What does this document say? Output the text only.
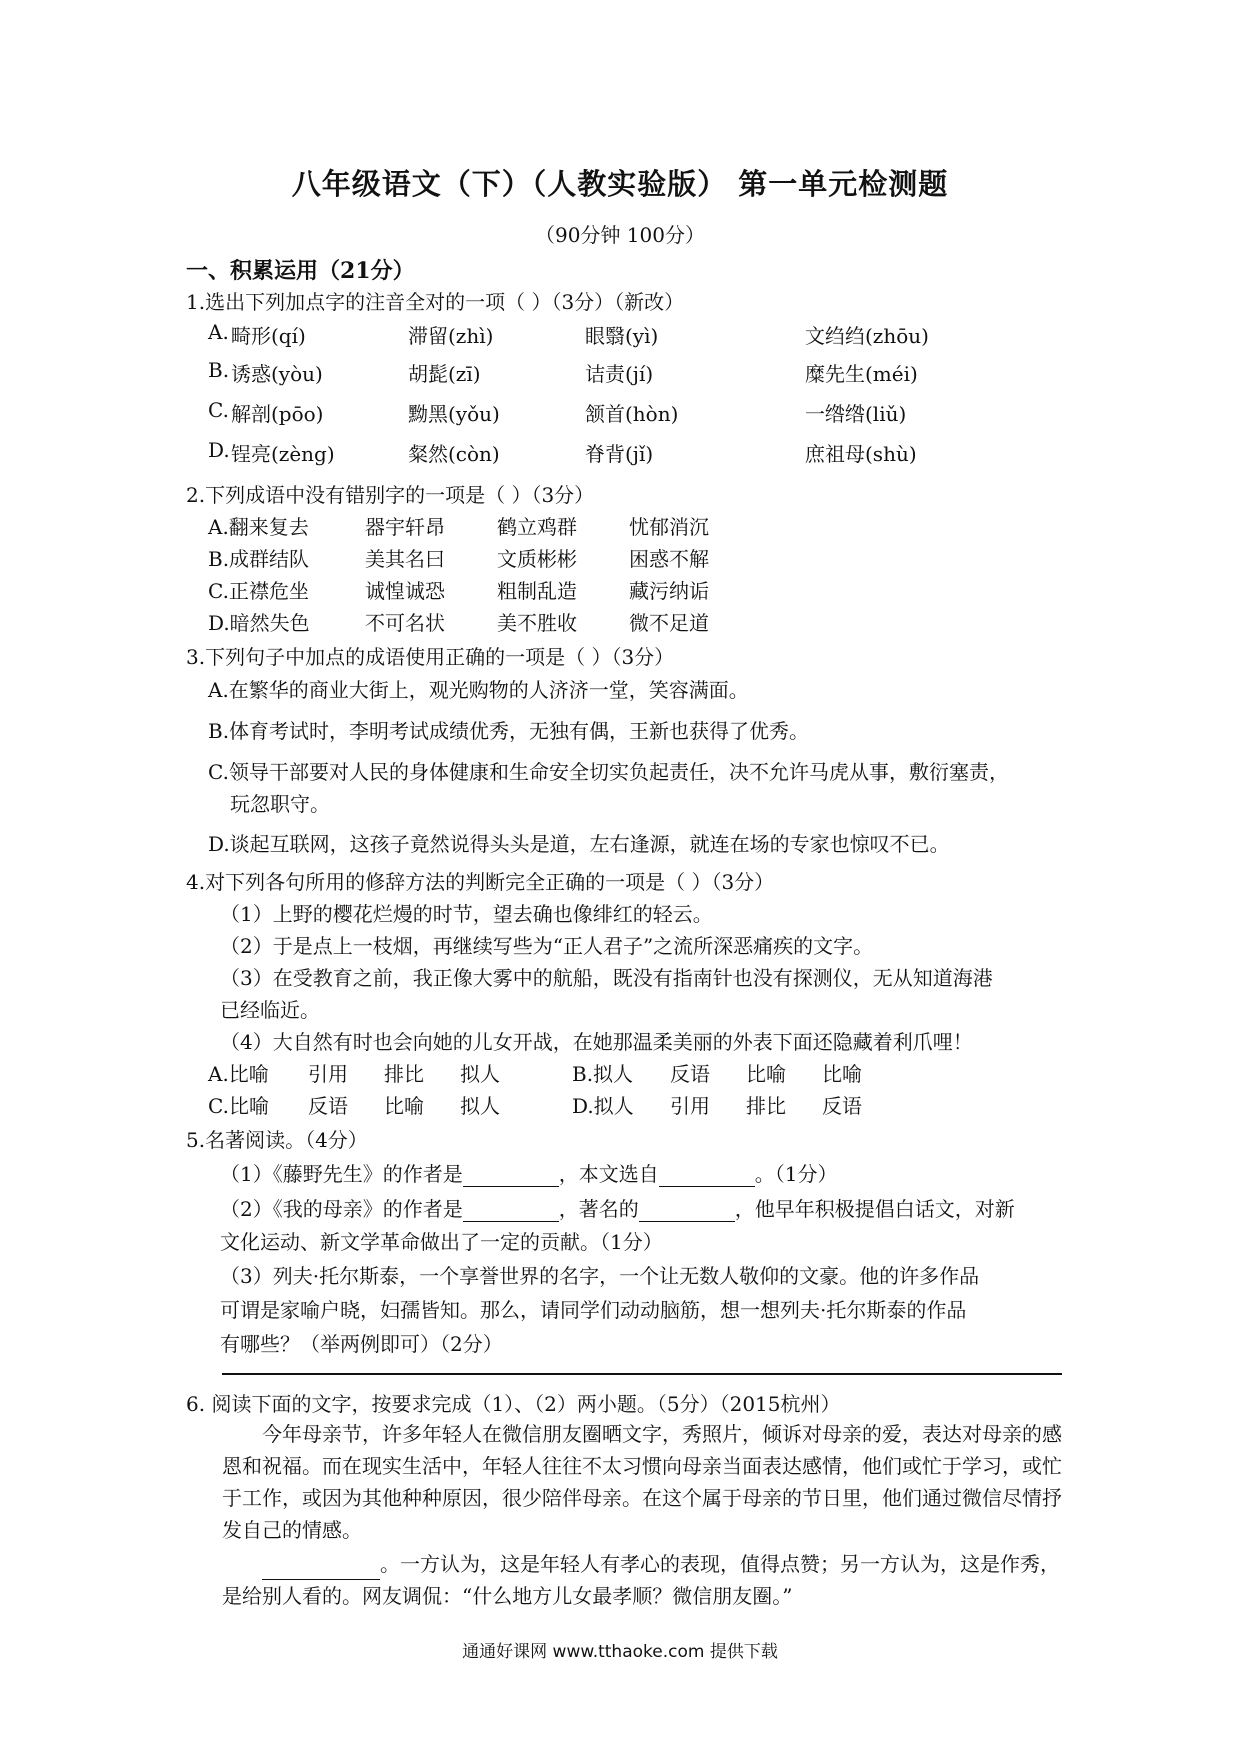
八年级语文（下）（人教实验版） 第一单元检测题
（90分钟 100分）
一、积累运用（21分）
1.选出下列加点字的注音全对的一项（ ）（3分）（新改）
A. 畸形(qí)	滞留(zhì)	眼翳(yì)	文绉绉(zhōu)
B. 诱惑(yòu)	胡髭(zī)	诘责(jí)	糜先生(méi)
C. 解剖(pōo)	黝黑(yǒu)	颔首(hòn)	一绺绺(liǔ)
D. 锃亮(zèng)	粲然(còn)	脊背(jǐ)	庶祖母(shù)
2.下列成语中没有错别字的一项是（ ）（3分）
A.翻来复去	器宇轩昂	鹤立鸡群	忧郁消沉
B.成群结队	美其名曰	文质彬彬	困惑不解
C.正襟危坐	诚惶诚恐	粗制乱造	藏污纳诟
D.暗然失色	不可名状	美不胜收	微不足道
3.下列句子中加点的成语使用正确的一项是（ ）（3分）
A.在繁华的商业大街上，观光购物的人济济一堂，笑容满面。
B.体育考试时，李明考试成绩优秀，无独有偶，王新也获得了优秀。
C.领导干部要对人民的身体健康和生命安全切实负起责任，决不允许马虎从事，敷衍塞责，
玩忽职守。
D.谈起互联网，这孩子竟然说得头头是道，左右逢源，就连在场的专家也惊叹不已。
4.对下列各句所用的修辞方法的判断完全正确的一项是（ ）（3分）
（1）上野的樱花烂熳的时节，望去确也像绯红的轻云。
（2）于是点上一枝烟，再继续写些为“正人君子”之流所深恶痛疾的文字。
（3）在受教育之前，我正像大雾中的航船，既没有指南针也没有探测仪，无从知道海港
已经临近。
（4）大自然有时也会向她的儿女开战，在她那温柔美丽的外表下面还隐藏着利爪哩！
A.比喻 引用 排比 拟人	B.拟人 反语 比喻 比喻
C.比喻 反语 比喻 拟人	D.拟人 引用 排比 反语
5.名著阅读。（4分）
（1）《藤野先生》的作者是	，本文选自	。（1分）
（2）《我的母亲》的作者是	，著名的	，他早年积极提倡白话文，对新
文化运动、新文学革命做出了一定的贡献。（1分）
（3）列夫·托尔斯泰，一个享誉世界的名字，一个让无数人敬仰的文豪。他的许多作品
可谓是家喻户晓，妇孺皆知。那么，请同学们动动脑筋，想一想列夫·托尔斯泰的作品
有哪些？（举两例即可）（2分）
6. 阅读下面的文字，按要求完成（1）、（2）两小题。（5分）（2015杭州）
今年母亲节，许多年轻人在微信朋友圈晒文字，秀照片，倾诉对母亲的爱，表达对母亲的感恩和祝福。而在现实生活中，年轻人往往不太习惯向母亲当面表达感情，他们或忙于学习，或忙于工作，或因为其他种种原因，很少陪伴母亲。在这个属于母亲的节日里，他们通过微信尽情抒发自己的情感。
。一方认为，这是年轻人有孝心的表现，值得点赞；另一方认为，这是作秀，是给别人看的。网友调侃：“什么地方儿女最孝顺？微信朋友圈。”
通通好课网 www.tthaoke.com 提供下载
